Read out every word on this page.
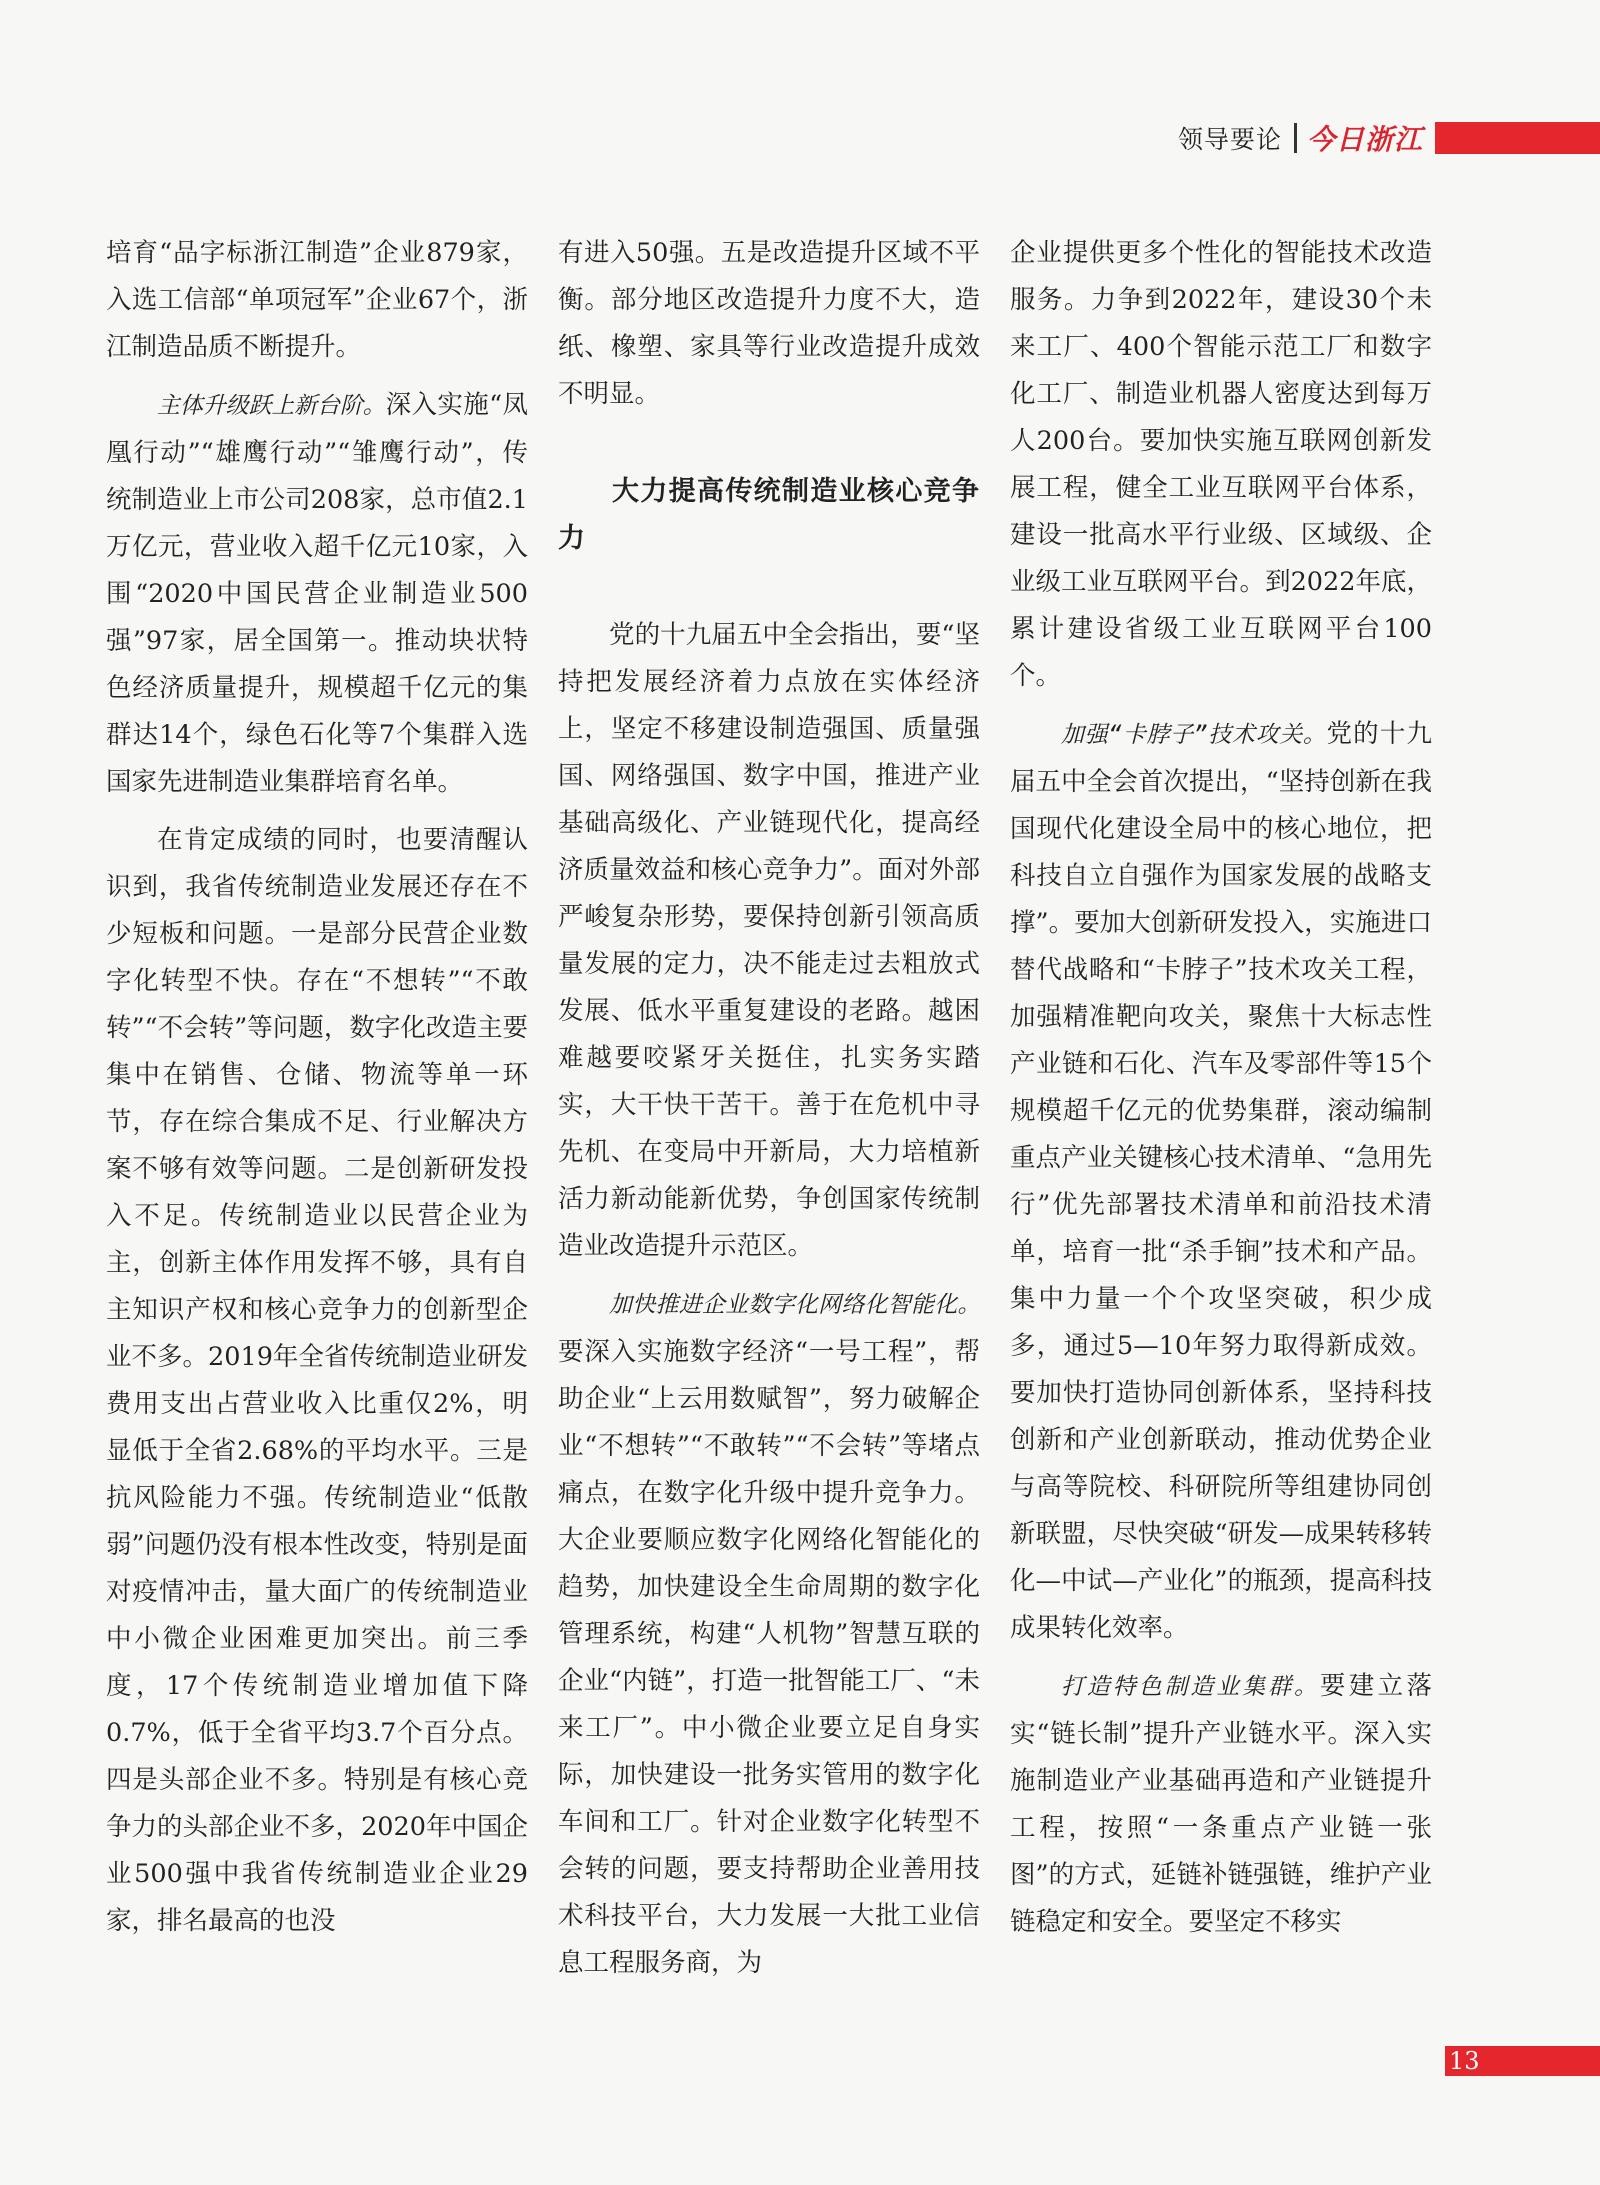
领导要论 今日浙江

培育“品字标浙江制造”企业879家，入选工信部“单项冠军”企业67个，浙江制造品质不断提升。

主体升级跃上新台阶。深入实施“凤凰行动”“雄鹰行动”“雏鹰行动”，传统制造业上市公司208家，总市值2.1万亿元，营业收入超千亿元10家，入围“2020中国民营企业制造业500强”97家，居全国第一。推动块状特色经济质量提升，规模超千亿元的集群达14个，绿色石化等7个集群入选国家先进制造业集群培育名单。

在肯定成绩的同时，也要清醒认识到，我省传统制造业发展还存在不少短板和问题。一是部分民营企业数字化转型不快。存在“不想转”“不敢转”“不会转”等问题，数字化改造主要集中在销售、仓储、物流等单一环节，存在综合集成不足、行业解决方案不够有效等问题。二是创新研发投入不足。传统制造业以民营企业为主，创新主体作用发挥不够，具有自主知识产权和核心竞争力的创新型企业不多。2019年全省传统制造业研发费用支出占营业收入比重仅2%，明显低于全省2.68%的平均水平。三是抗风险能力不强。传统制造业“低散弱”问题仍没有根本性改变，特别是面对疫情冲击，量大面广的传统制造业中小微企业困难更加突出。前三季度，17个传统制造业增加值下降0.7%，低于全省平均3.7个百分点。四是头部企业不多。特别是有核心竞争力的头部企业不多，2020年中国企业500强中我省传统制造业企业29家，排名最高的也没

有进入50强。五是改造提升区域不平衡。部分地区改造提升力度不大，造纸、橡塑、家具等行业改造提升成效不明显。

大力提高传统制造业核心竞争力

党的十九届五中全会指出，要“坚持把发展经济着力点放在实体经济上，坚定不移建设制造强国、质量强国、网络强国、数字中国，推进产业基础高级化、产业链现代化，提高经济质量效益和核心竞争力”。面对外部严峻复杂形势，要保持创新引领高质量发展的定力，决不能走过去粗放式发展、低水平重复建设的老路。越困难越要咬紧牙关挺住，扎实务实踏实，大干快干苦干。善于在危机中寻先机、在变局中开新局，大力培植新活力新动能新优势，争创国家传统制造业改造提升示范区。

加快推进企业数字化网络化智能化。要深入实施数字经济“一号工程”，帮助企业“上云用数赋智”，努力破解企业“不想转”“不敢转”“不会转”等堵点痛点，在数字化升级中提升竞争力。大企业要顺应数字化网络化智能化的趋势，加快建设全生命周期的数字化管理系统，构建“人机物”智慧互联的企业“内链”，打造一批智能工厂、“未来工厂”。中小微企业要立足自身实际，加快建设一批务实管用的数字化车间和工厂。针对企业数字化转型不会转的问题，要支持帮助企业善用技术科技平台，大力发展一大批工业信息工程服务商，为

企业提供更多个性化的智能技术改造服务。力争到2022年，建设30个未来工厂、400个智能示范工厂和数字化工厂、制造业机器人密度达到每万人200台。要加快实施互联网创新发展工程，健全工业互联网平台体系，建设一批高水平行业级、区域级、企业级工业互联网平台。到2022年底，累计建设省级工业互联网平台100个。

加强“卡脖子”技术攻关。党的十九届五中全会首次提出，“坚持创新在我国现代化建设全局中的核心地位，把科技自立自强作为国家发展的战略支撑”。要加大创新研发投入，实施进口替代战略和“卡脖子”技术攻关工程，加强精准靶向攻关，聚焦十大标志性产业链和石化、汽车及零部件等15个规模超千亿元的优势集群，滚动编制重点产业关键核心技术清单、“急用先行”优先部署技术清单和前沿技术清单，培育一批“杀手锏”技术和产品。集中力量一个个攻坚突破，积少成多，通过5—10年努力取得新成效。要加快打造协同创新体系，坚持科技创新和产业创新联动，推动优势企业与高等院校、科研院所等组建协同创新联盟，尽快突破“研发—成果转移转化—中试—产业化”的瓶颈，提高科技成果转化效率。

打造特色制造业集群。要建立落实“链长制”提升产业链水平。深入实施制造业产业基础再造和产业链提升工程，按照“一条重点产业链一张图”的方式，延链补链强链，维护产业链稳定和安全。要坚定不移实

13
